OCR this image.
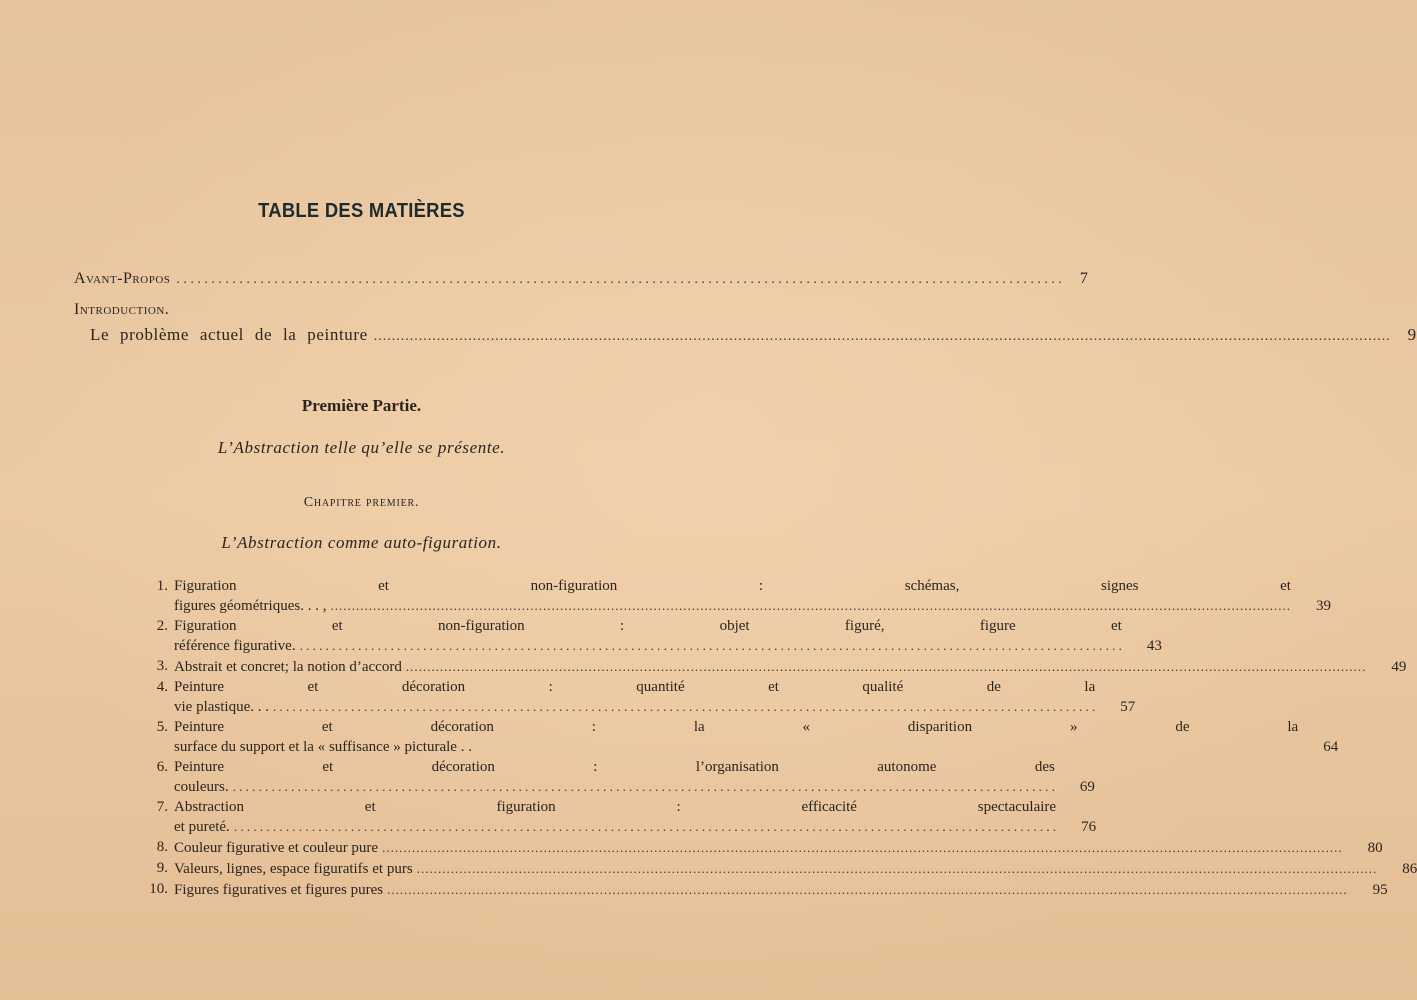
TABLE DES MATIÈRES
Avant-Propos . . .	7
Introduction.
Le problème actuel de la peinture .....	9
Première Partie.
L’Abstraction telle qu’elle se présente.
Chapitre premier.
L’Abstraction comme auto-figuration.
1. Figuration et non-figuration : schémas, signes et
figures géométriques. . . , .....	39
2. Figuration et non-figuration : objet figuré, figure et
référence figurative. . . .	43
3. Abstrait et concret; la notion d’accord .....	49
4. Peinture et décoration : quantité et qualité de la
vie plastique. . . . . .	57
5. Peinture et décoration : la « disparition » de la
surface du support et la « suffisance » picturale . .	64
6. Peinture et décoration : l’organisation autonome des
couleurs. . . .	69
7. Abstraction et figuration : efficacité spectaculaire
et pureté. . . .	76
8. Couleur figurative et couleur pure .....	80
9. Valeurs, lignes, espace figuratifs et purs .....	86
10. Figures figuratives et figures pures .....	95
